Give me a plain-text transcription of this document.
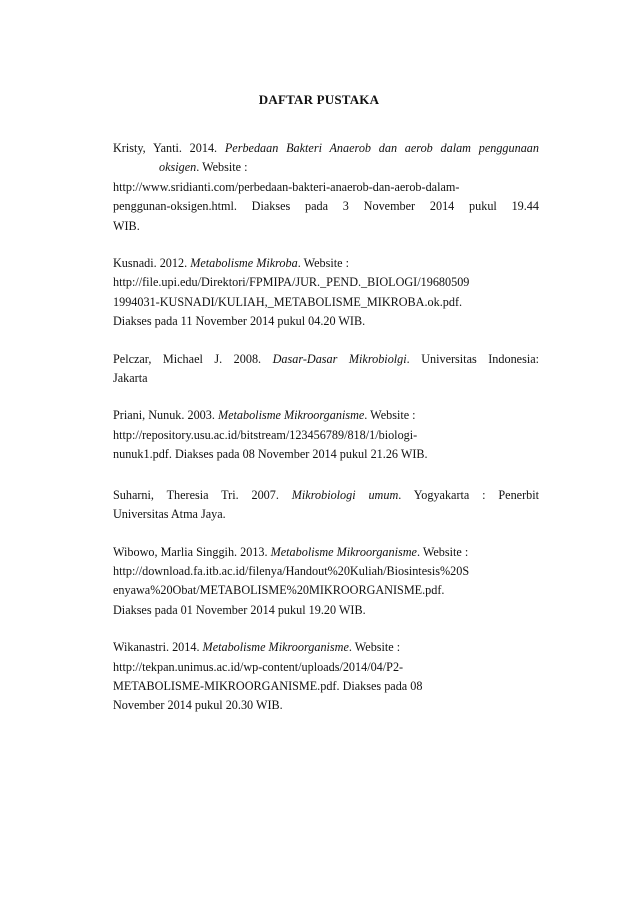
DAFTAR PUSTAKA
Kristy, Yanti. 2014. Perbedaan Bakteri Anaerob dan aerob dalam penggunaan oksigen. Website :
http://www.sridianti.com/perbedaan-bakteri-anaerob-dan-aerob-dalam-
penggunan-oksigen.html. Diakses pada 3 November 2014 pukul 19.44
WIB.
Kusnadi. 2012. Metabolisme Mikroba. Website :
http://file.upi.edu/Direktori/FPMIPA/JUR._PEND._BIOLOGI/19680509
1994031-KUSNADI/KULIAH,_METABOLISME_MIKROBA.ok.pdf.
Diakses pada 11 November 2014 pukul 04.20 WIB.
Pelczar, Michael J. 2008. Dasar-Dasar Mikrobiolgi. Universitas Indonesia:
Jakarta
Priani, Nunuk. 2003. Metabolisme Mikroorganisme. Website :
http://repository.usu.ac.id/bitstream/123456789/818/1/biologi-
nunuk1.pdf. Diakses pada 08 November 2014 pukul 21.26 WIB.
Suharni, Theresia Tri. 2007. Mikrobiologi umum. Yogyakarta : Penerbit
Universitas Atma Jaya.
Wibowo, Marlia Singgih. 2013. Metabolisme Mikroorganisme. Website :
http://download.fa.itb.ac.id/filenya/Handout%20Kuliah/Biosintesis%20S
enyawa%20Obat/METABOLISME%20MIKROORGANISME.pdf.
Diakses pada 01 November 2014 pukul 19.20 WIB.
Wikanastri. 2014. Metabolisme Mikroorganisme. Website :
http://tekpan.unimus.ac.id/wp-content/uploads/2014/04/P2-
METABOLISME-MIKROORGANISME.pdf. Diakses pada 08
November 2014 pukul 20.30 WIB.
